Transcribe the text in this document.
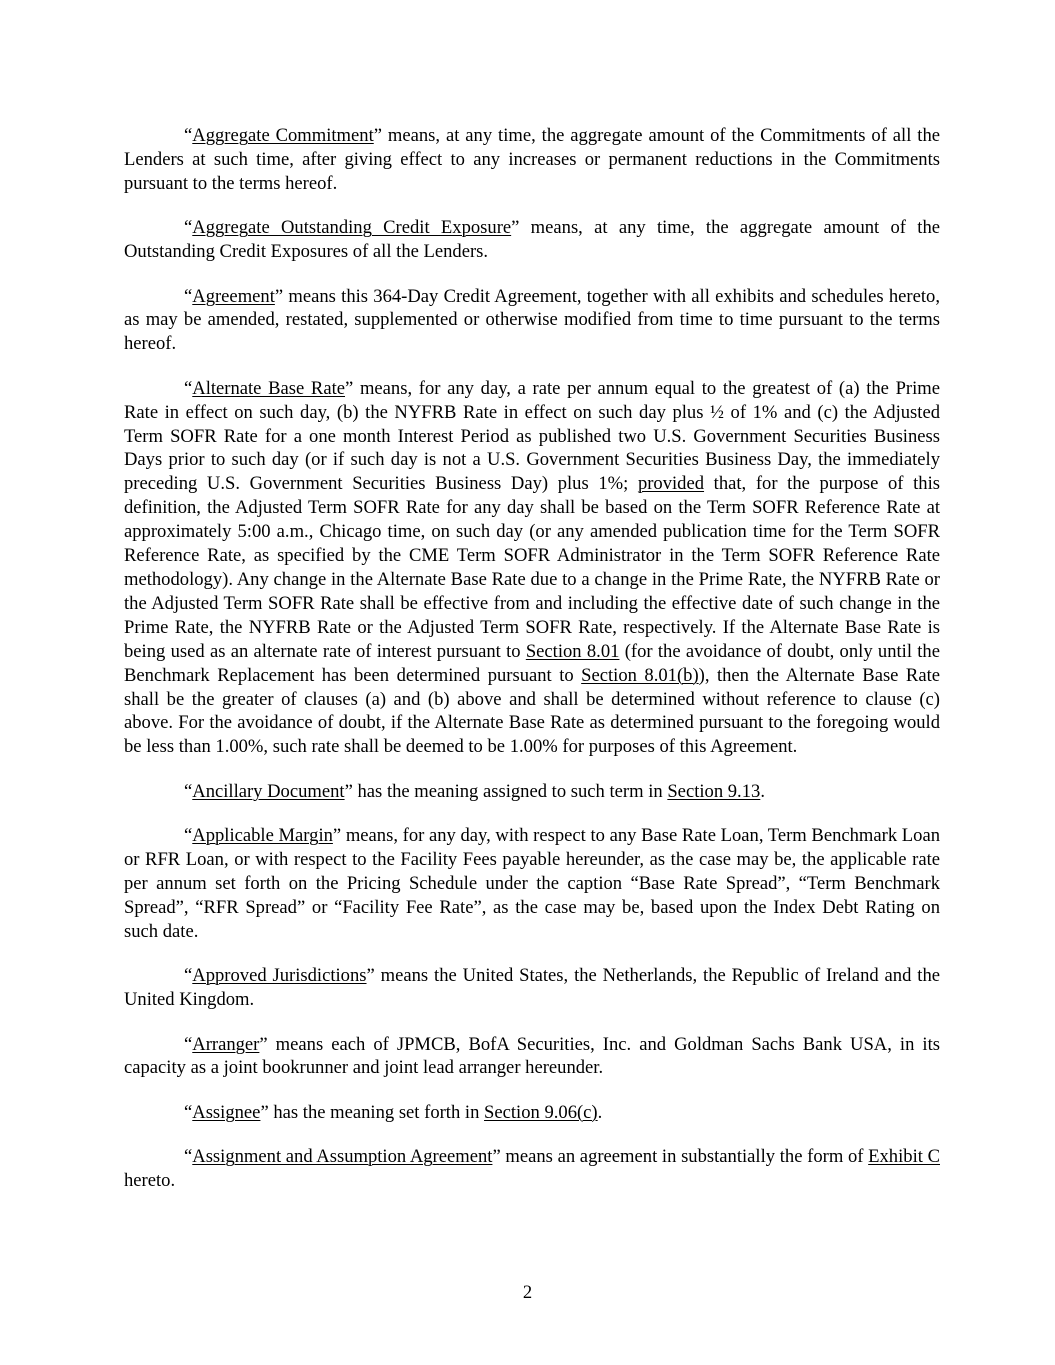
“Aggregate Commitment” means, at any time, the aggregate amount of the Commitments of all the Lenders at such time, after giving effect to any increases or permanent reductions in the Commitments pursuant to the terms hereof.

“Aggregate Outstanding Credit Exposure” means, at any time, the aggregate amount of the Outstanding Credit Exposures of all the Lenders.

“Agreement” means this 364-Day Credit Agreement, together with all exhibits and schedules hereto, as may be amended, restated, supplemented or otherwise modified from time to time pursuant to the terms hereof.

“Alternate Base Rate” means, for any day, a rate per annum equal to the greatest of (a) the Prime Rate in effect on such day, (b) the NYFRB Rate in effect on such day plus ½ of 1% and (c) the Adjusted Term SOFR Rate for a one month Interest Period as published two U.S. Government Securities Business Days prior to such day (or if such day is not a U.S. Government Securities Business Day, the immediately preceding U.S. Government Securities Business Day) plus 1%; provided that, for the purpose of this definition, the Adjusted Term SOFR Rate for any day shall be based on the Term SOFR Reference Rate at approximately 5:00 a.m., Chicago time, on such day (or any amended publication time for the Term SOFR Reference Rate, as specified by the CME Term SOFR Administrator in the Term SOFR Reference Rate methodology). Any change in the Alternate Base Rate due to a change in the Prime Rate, the NYFRB Rate or the Adjusted Term SOFR Rate shall be effective from and including the effective date of such change in the Prime Rate, the NYFRB Rate or the Adjusted Term SOFR Rate, respectively. If the Alternate Base Rate is being used as an alternate rate of interest pursuant to Section 8.01 (for the avoidance of doubt, only until the Benchmark Replacement has been determined pursuant to Section 8.01(b)), then the Alternate Base Rate shall be the greater of clauses (a) and (b) above and shall be determined without reference to clause (c) above. For the avoidance of doubt, if the Alternate Base Rate as determined pursuant to the foregoing would be less than 1.00%, such rate shall be deemed to be 1.00% for purposes of this Agreement.

“Ancillary Document” has the meaning assigned to such term in Section 9.13.

“Applicable Margin” means, for any day, with respect to any Base Rate Loan, Term Benchmark Loan or RFR Loan, or with respect to the Facility Fees payable hereunder, as the case may be, the applicable rate per annum set forth on the Pricing Schedule under the caption “Base Rate Spread”, “Term Benchmark Spread”, “RFR Spread” or “Facility Fee Rate”, as the case may be, based upon the Index Debt Rating on such date.

“Approved Jurisdictions” means the United States, the Netherlands, the Republic of Ireland and the United Kingdom.

“Arranger” means each of JPMCB, BofA Securities, Inc. and Goldman Sachs Bank USA, in its capacity as a joint bookrunner and joint lead arranger hereunder.

“Assignee” has the meaning set forth in Section 9.06(c).

“Assignment and Assumption Agreement” means an agreement in substantially the form of Exhibit C hereto.

2
